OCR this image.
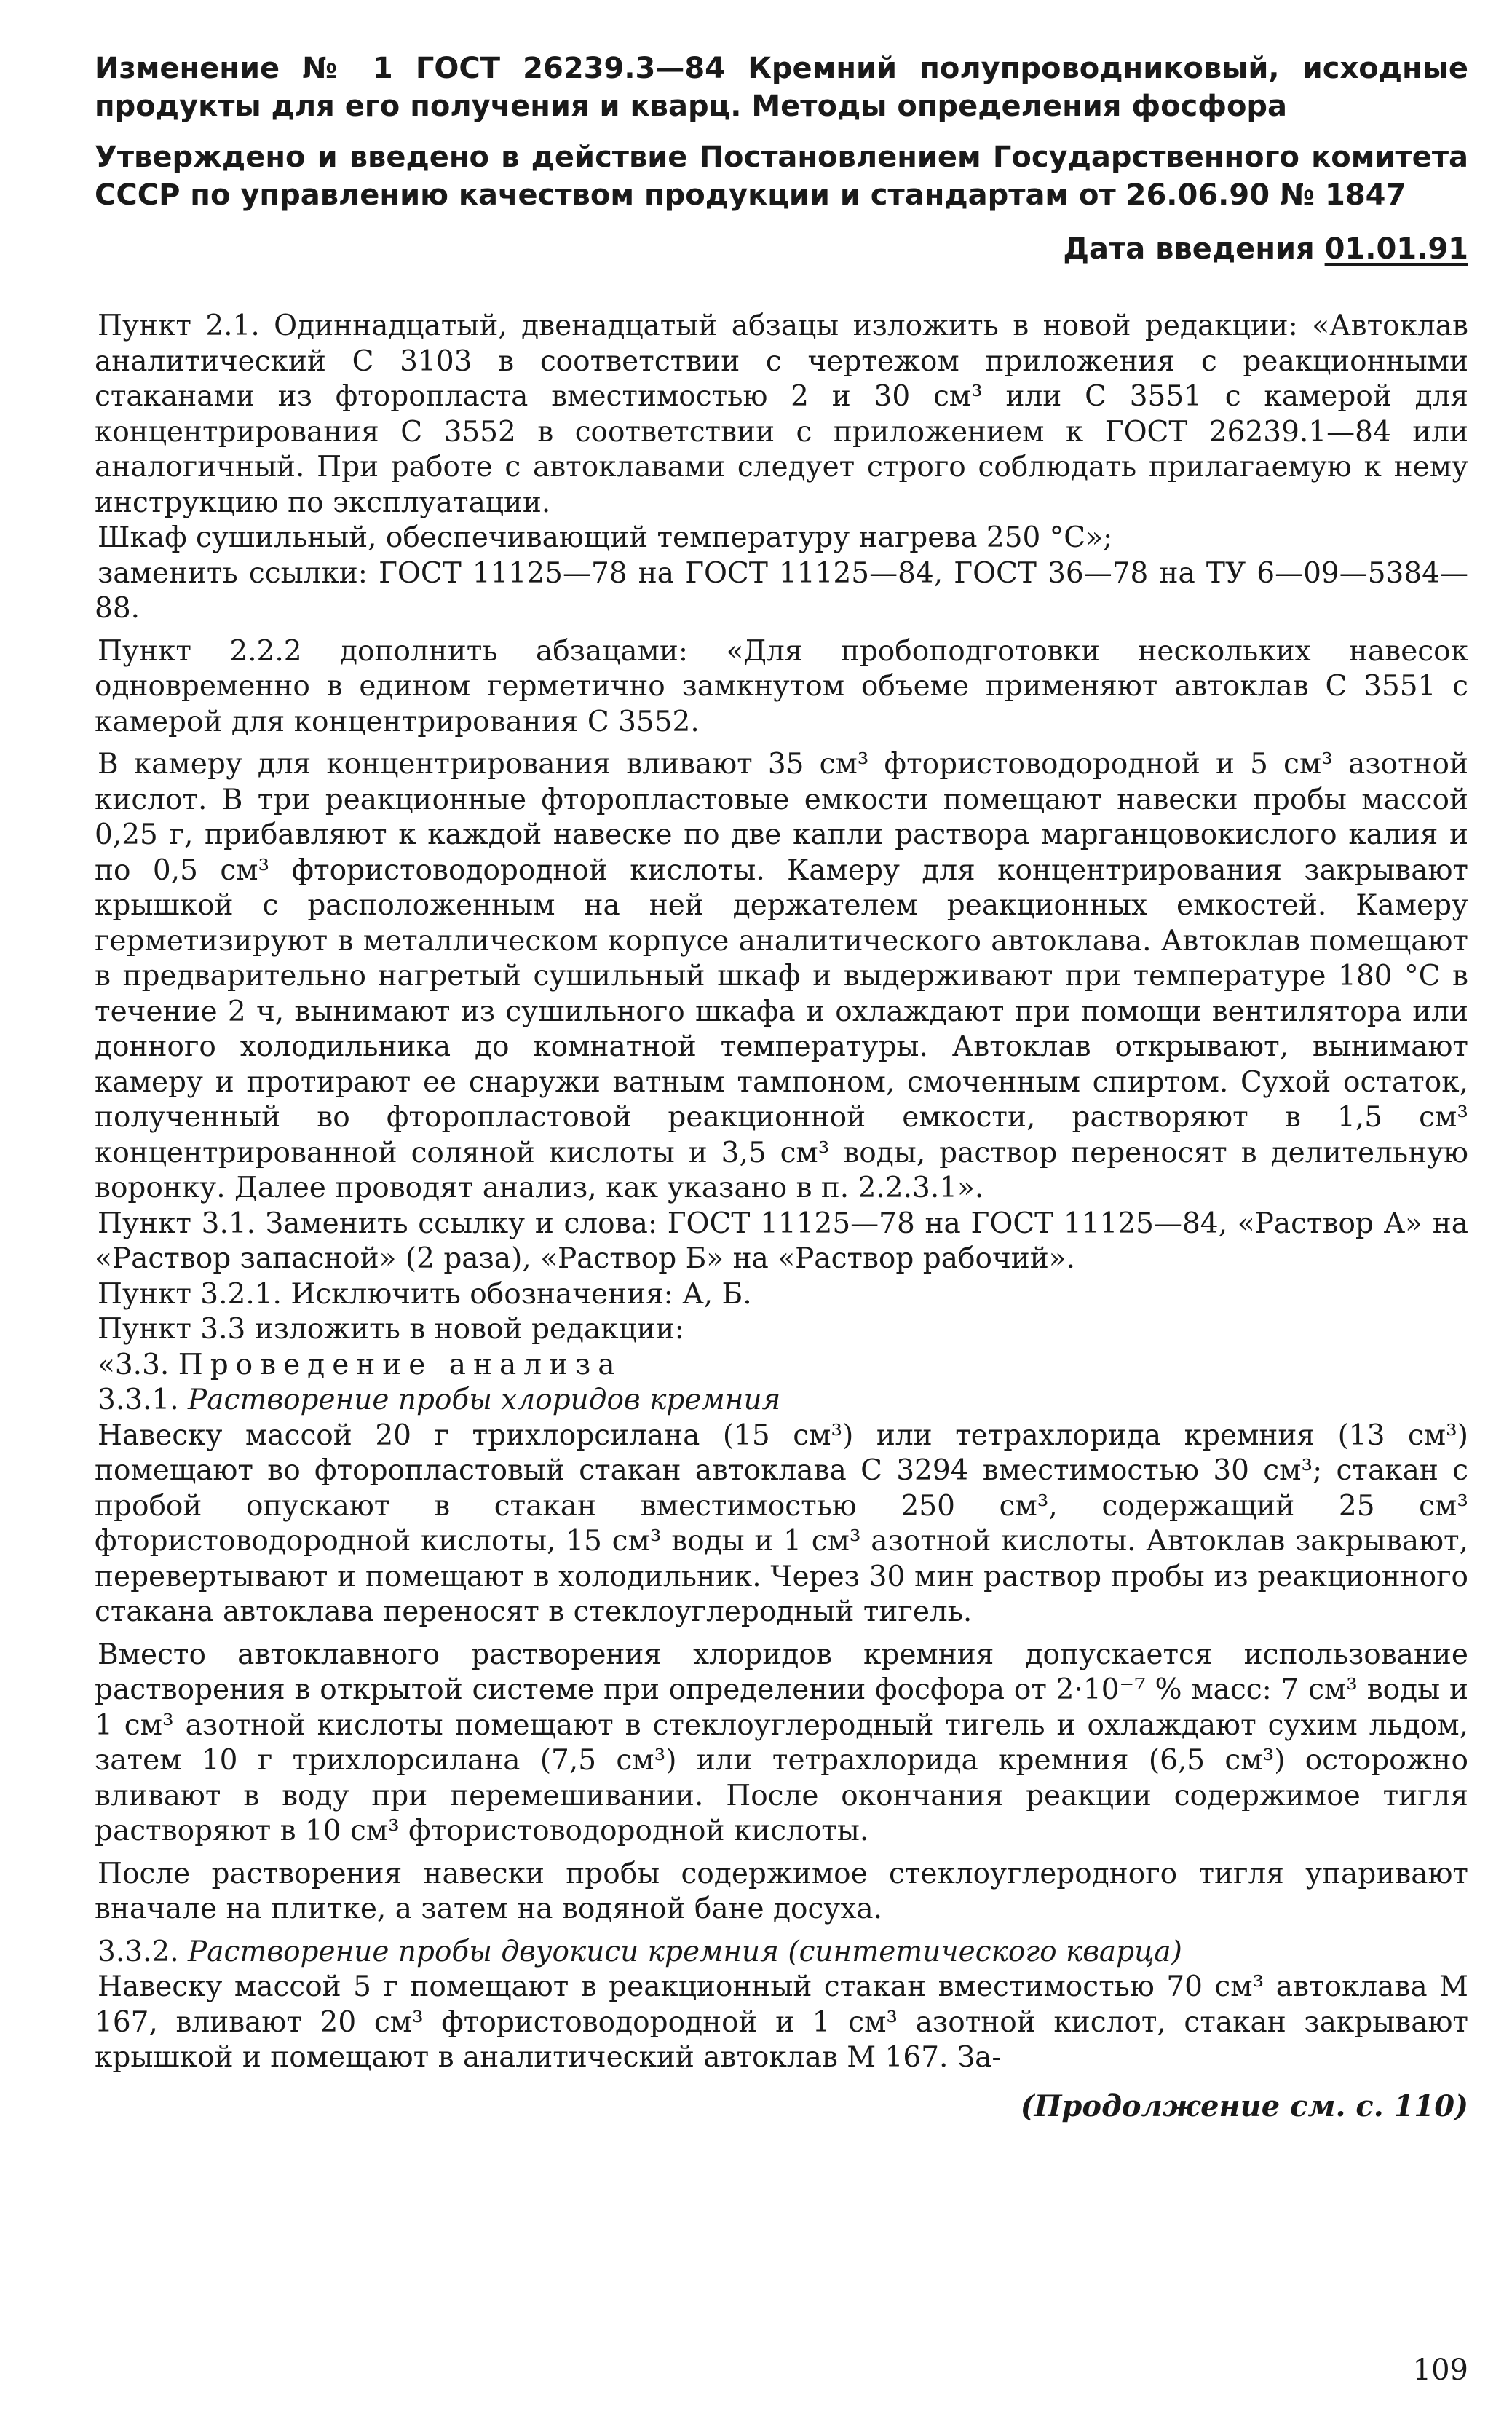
Изменение № 1 ГОСТ 26239.3—84 Кремний полупроводниковый, исходные продукты для его получения и кварц. Методы определения фосфора

Утверждено и введено в действие Постановлением Государственного комитета СССР по управлению качеством продукции и стандартам от 26.06.90 № 1847

Дата введения 01.01.91

Пункт 2.1. Одиннадцатый, двенадцатый абзацы изложить в новой редакции: «Автоклав аналитический С 3103 в соответствии с чертежом приложения с реакционными стаканами из фторопласта вместимостью 2 и 30 см³ или С 3551 с камерой для концентрирования С 3552 в соответствии с приложением к ГОСТ 26239.1—84 или аналогичный. При работе с автоклавами следует строго соблюдать прилагаемую к нему инструкцию по эксплуатации.

Шкаф сушильный, обеспечивающий температуру нагрева 250 °С»;

заменить ссылки: ГОСТ 11125—78 на ГОСТ 11125—84, ГОСТ 36—78 на ТУ 6—09—5384—88.

Пункт 2.2.2 дополнить абзацами: «Для пробоподготовки нескольких навесок одновременно в едином герметично замкнутом объеме применяют автоклав С 3551 с камерой для концентрирования С 3552.

В камеру для концентрирования вливают 35 см³ фтористоводородной и 5 см³ азотной кислот. В три реакционные фторопластовые емкости помещают навески пробы массой 0,25 г, прибавляют к каждой навеске по две капли раствора марганцовокислого калия и по 0,5 см³ фтористоводородной кислоты. Камеру для концентрирования закрывают крышкой с расположенным на ней держателем реакционных емкостей. Камеру герметизируют в металлическом корпусе аналитического автоклава. Автоклав помещают в предварительно нагретый сушильный шкаф и выдерживают при температуре 180 °С в течение 2 ч, вынимают из сушильного шкафа и охлаждают при помощи вентилятора или донного холодильника до комнатной температуры. Автоклав открывают, вынимают камеру и протирают ее снаружи ватным тампоном, смоченным спиртом. Сухой остаток, полученный во фторопластовой реакционной емкости, растворяют в 1,5 см³ концентрированной соляной кислоты и 3,5 см³ воды, раствор переносят в делительную воронку. Далее проводят анализ, как указано в п. 2.2.3.1».

Пункт 3.1. Заменить ссылку и слова: ГОСТ 11125—78 на ГОСТ 11125—84, «Раствор А» на «Раствор запасной» (2 раза), «Раствор Б» на «Раствор рабочий».

Пункт 3.2.1. Исключить обозначения: А, Б.

Пункт 3.3 изложить в новой редакции:

«3.3. Проведение анализа

3.3.1. Растворение пробы хлоридов кремния

Навеску массой 20 г трихлорсилана (15 см³) или тетрахлорида кремния (13 см³) помещают во фторопластовый стакан автоклава С 3294 вместимостью 30 см³; стакан с пробой опускают в стакан вместимостью 250 см³, содержащий 25 см³ фтористоводородной кислоты, 15 см³ воды и 1 см³ азотной кислоты. Автоклав закрывают, перевертывают и помещают в холодильник. Через 30 мин раствор пробы из реакционного стакана автоклава переносят в стеклоуглеродный тигель.

Вместо автоклавного растворения хлоридов кремния допускается использование растворения в открытой системе при определении фосфора от 2·10⁻⁷ % масс: 7 см³ воды и 1 см³ азотной кислоты помещают в стеклоуглеродный тигель и охлаждают сухим льдом, затем 10 г трихлорсилана (7,5 см³) или тетрахлорида кремния (6,5 см³) осторожно вливают в воду при перемешивании. После окончания реакции содержимое тигля растворяют в 10 см³ фтористоводородной кислоты.

После растворения навески пробы содержимое стеклоуглеродного тигля упаривают вначале на плитке, а затем на водяной бане досуха.

3.3.2. Растворение пробы двуокиси кремния (синтетического кварца)

Навеску массой 5 г помещают в реакционный стакан вместимостью 70 см³ автоклава М 167, вливают 20 см³ фтористоводородной и 1 см³ азотной кислот, стакан закрывают крышкой и помещают в аналитический автоклав М 167. За-

(Продолжение см. с. 110)
109
